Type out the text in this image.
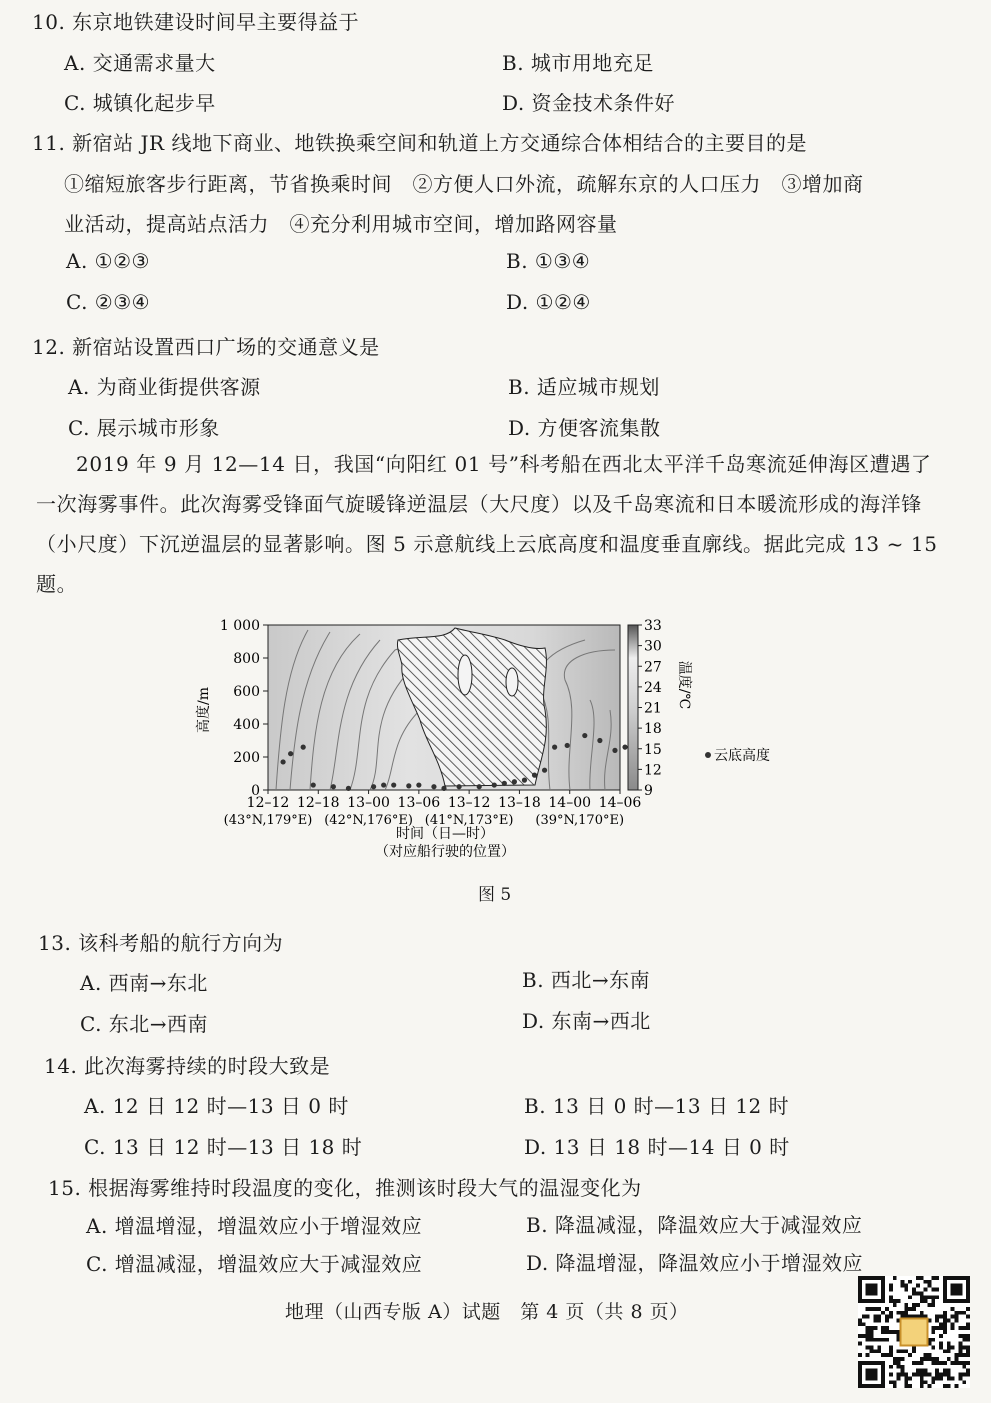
10. 东京地铁建设时间早主要得益于
A. 交通需求量大	B. 城市用地充足
C. 城镇化起步早	D. 资金技术条件好
11. 新宿站 JR 线地下商业、地铁换乘空间和轨道上方交通综合体相结合的主要目的是
①缩短旅客步行距离，节省换乘时间　②方便人口外流，疏解东京的人口压力　③增加商
业活动，提高站点活力　④充分利用城市空间，增加路网容量
A. ①②③	B. ①③④
C. ②③④	D. ①②④
12. 新宿站设置西口广场的交通意义是
A. 为商业街提供客源	B. 适应城市规划
C. 展示城市形象	D. 方便客流集散
2019 年 9 月 12—14 日，我国“向阳红 01 号”科考船在西北太平洋千岛寒流延伸海区遭遇了一次海雾事件。此次海雾受锋面气旋暖锋逆温层（大尺度）以及千岛寒流和日本暖流形成的海洋锋（小尺度）下沉逆温层的显著影响。图 5 示意航线上云底高度和温度垂直廓线。据此完成 13 ~ 15 题。
0
200
400
600
800
1 000
12–12 12–18 13–00 13–06 13–12 13–18 14–00 14–06
9
12
15
18
21
24
27
30
33
高度/m
温度/℃
云底高度
(43°N,179°E) (42°N,176°E) (41°N,173°E) (39°N,170°E)
时间（日—时）
（对应船行驶的位置）
图 5
13. 该科考船的航行方向为
A. 西南→东北	B. 西北→东南
C. 东北→西南	D. 东南→西北
14. 此次海雾持续的时段大致是
A. 12 日 12 时—13 日 0 时	B. 13 日 0 时—13 日 12 时
C. 13 日 12 时—13 日 18 时	D. 13 日 18 时—14 日 0 时
15. 根据海雾维持时段温度的变化，推测该时段大气的温湿变化为
A. 增温增湿，增温效应小于增湿效应	B. 降温减湿，降温效应大于减湿效应
C. 增温减湿，增温效应大于减湿效应	D. 降温增湿，降温效应小于增湿效应
地理（山西专版 A）试题　第 4 页（共 8 页）
